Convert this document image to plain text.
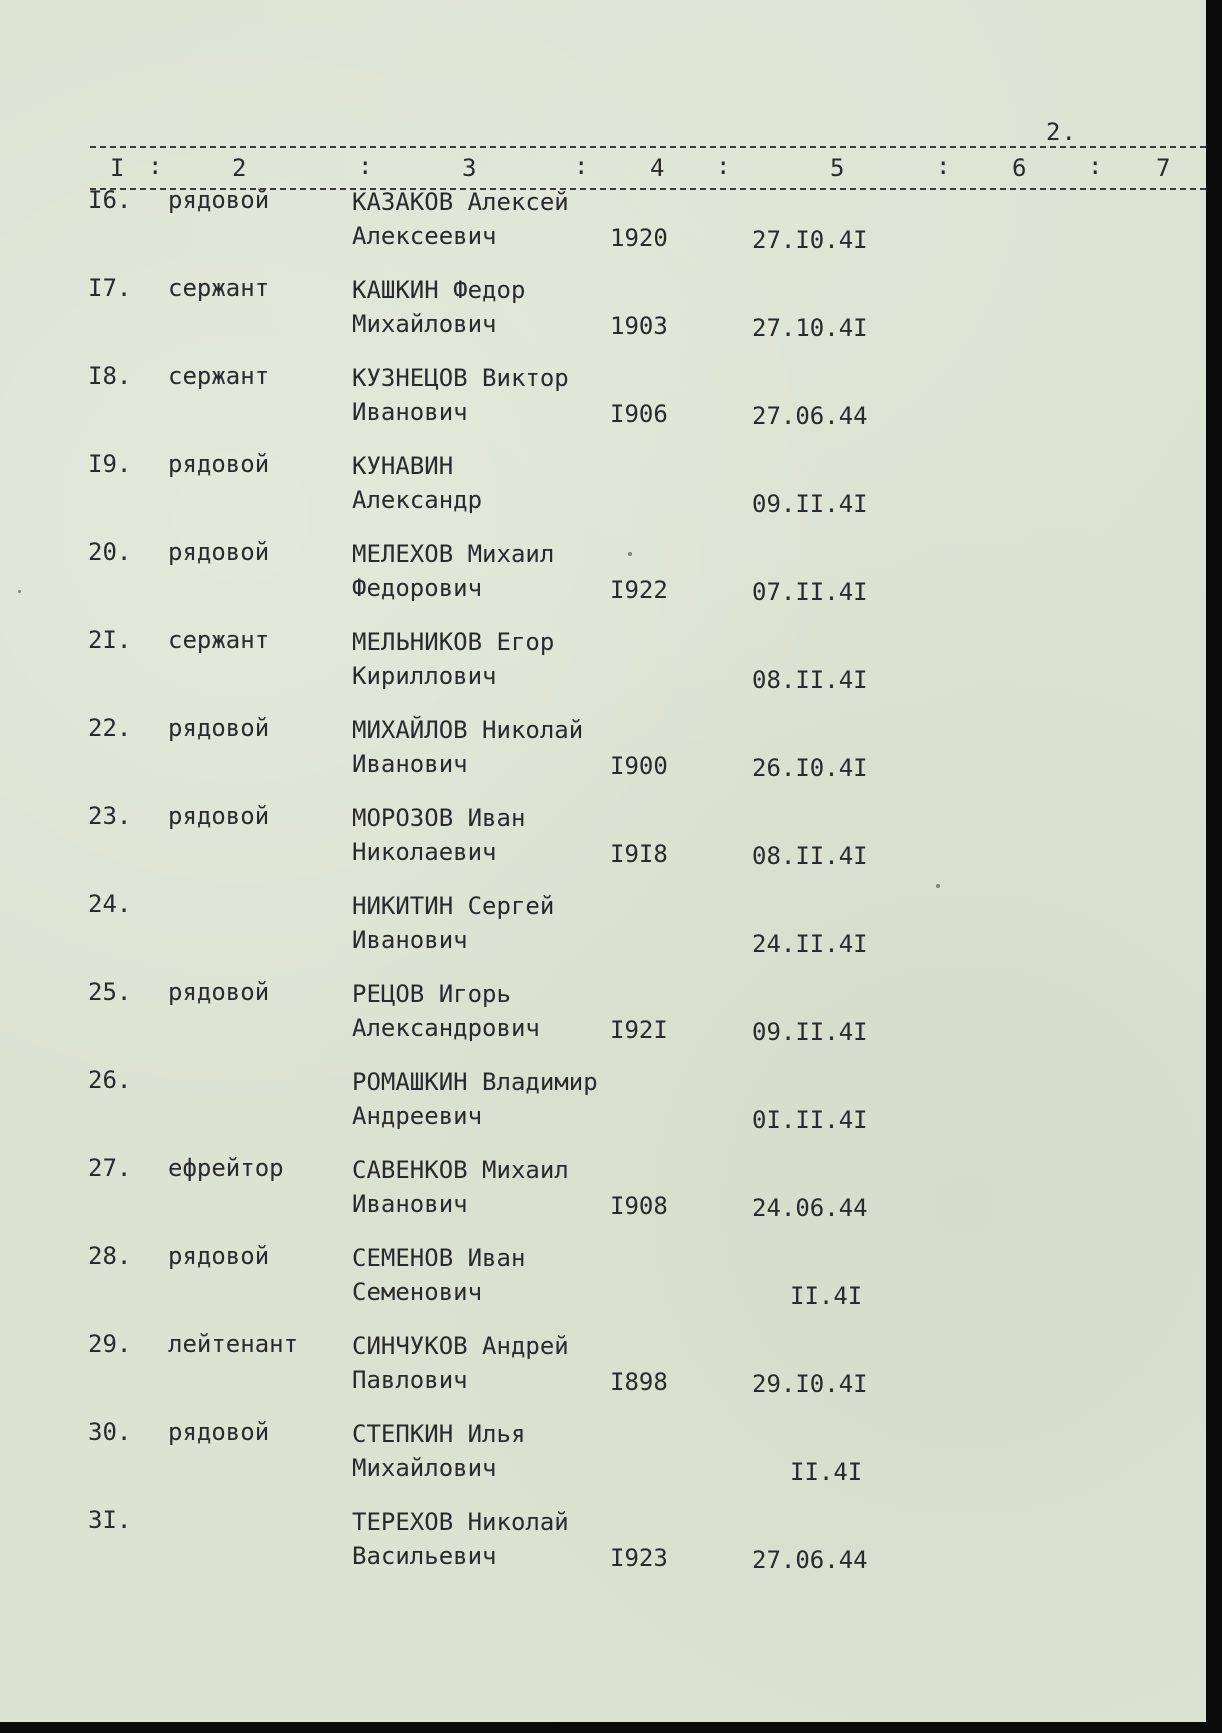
2.
I :	2	:	3	:	4 :	5	:	6	: 7
I6. рядовой	КАЗАКОВ Алексей
Алексеевич	1920	27.I0.4I
I7. сержант	КАШКИН Федор
Михайлович	1903	27.10.4I
I8. сержант	КУЗНЕЦОВ Виктор
Иванович	I906	27.06.44
I9. рядовой	КУНАВИН
Александр	09.II.4I
20. рядовой	МЕЛЕХОВ Михаил
Федорович	I922	07.II.4I
2I. сержант	МЕЛЬНИКОВ Егор
Кириллович	08.II.4I
22. рядовой	МИХАЙЛОВ Николай
Иванович	I900	26.I0.4I
23. рядовой	МОРОЗОВ Иван
Николаевич	I9I8	08.II.4I
24.	НИКИТИН Сергей
Иванович	24.II.4I
25. рядовой	РЕЦОВ Игорь
Александрович	I92I	09.II.4I
26.	РОМАШКИН Владимир
Андреевич	0I.II.4I
27. ефрейтор	САВЕНКОВ Михаил
Иванович	I908	24.06.44
28. рядовой	СЕМЕНОВ Иван
Семенович	II.4I
29. лейтенант СИНЧУКОВ Андрей
Павлович	I898	29.I0.4I
30. рядовой	СТЕПКИН Илья
Михайлович	II.4I
3I.	ТЕРЕХОВ Николай
Васильевич	I923	27.06.44
